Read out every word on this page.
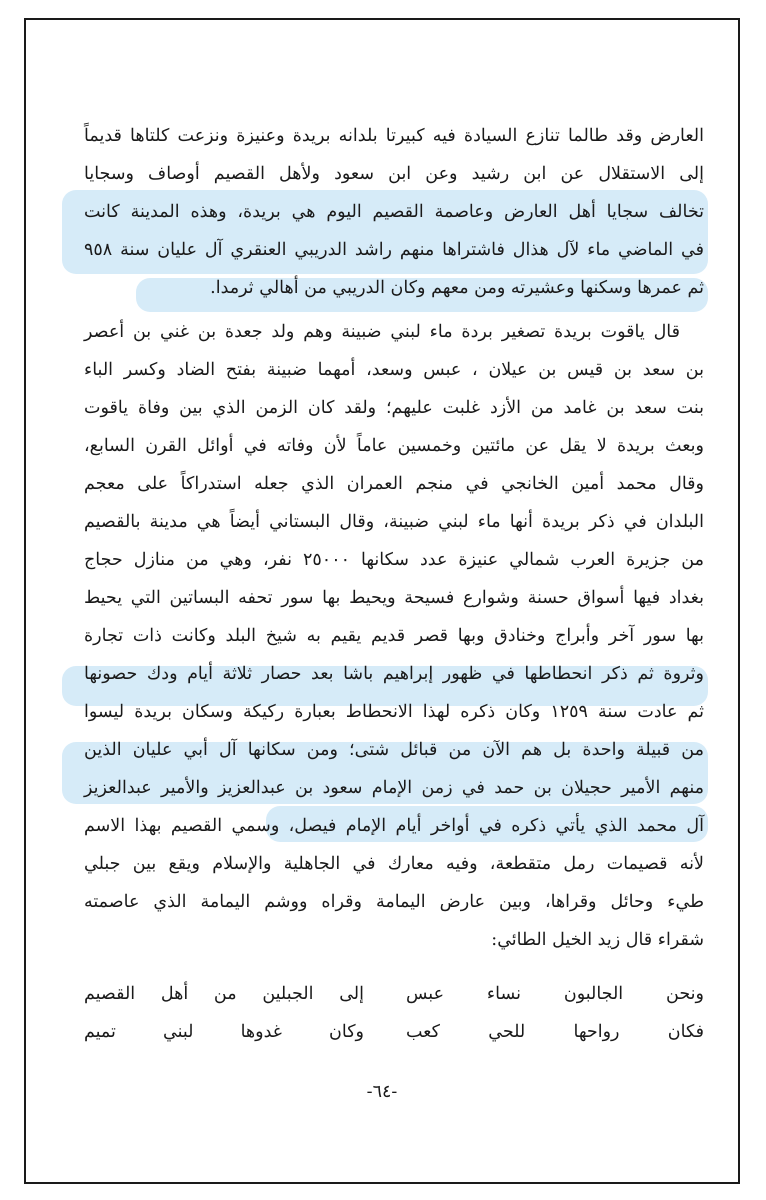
العارض وقد طالما تنازع السيادة فيه كبيرتا بلدانه بريدة وعنيزة ونزعت كلتاها قديماً
إلى الاستقلال عن ابن رشيد وعن ابن سعود ولأهل القصيم أوصاف وسجايا
تخالف سجايا أهل العارض وعاصمة القصيم اليوم هي بريدة، وهذه المدينة كانت
في الماضي ماء لآل هذال فاشتراها منهم راشد الدريبي العنقري آل عليان سنة ٩٥٨
ثم عمرها وسكنها وعشيرته ومن معهم وكان الدريبي من أهالي ثرمدا.
قال ياقوت بريدة تصغير بردة ماء لبني ضبينة وهم ولد جعدة بن غني بن أعصر
بن سعد بن قيس بن عيلان ، عبس وسعد، أمهما ضبينة بفتح الضاد وكسر الباء
بنت سعد بن غامد من الأزد غلبت عليهم؛ ولقد كان الزمن الذي بين وفاة ياقوت
وبعث بريدة لا يقل عن مائتين وخمسين عاماً لأن وفاته في أوائل القرن السابع،
وقال محمد أمين الخانجي في منجم العمران الذي جعله استدراكاً على معجم
البلدان في ذكر بريدة أنها ماء لبني ضبينة، وقال البستاني أيضاً هي مدينة بالقصيم
من جزيرة العرب شمالي عنيزة عدد سكانها ٢٥٠٠٠ نفر، وهي من منازل حجاج
بغداد فيها أسواق حسنة وشوارع فسيحة ويحيط بها سور تحفه البساتين التي يحيط
بها سور آخر وأبراج وخنادق وبها قصر قديم يقيم به شيخ البلد وكانت ذات تجارة
وثروة ثم ذكر انحطاطها في ظهور إبراهيم باشا بعد حصار ثلاثة أيام ودك حصونها
ثم عادت سنة ١٢٥٩ وكان ذكره لهذا الانحطاط بعبارة ركيكة وسكان بريدة ليسوا
من قبيلة واحدة بل هم الآن من قبائل شتى؛ ومن سكانها آل أبي عليان الذين
منهم الأمير حجيلان بن حمد في زمن الإمام سعود بن عبدالعزيز والأمير عبدالعزيز
آل محمد الذي يأتي ذكره في أواخر أيام الإمام فيصل، وسمي القصيم بهذا الاسم
لأنه قصيمات رمل متقطعة، وفيه معارك في الجاهلية والإسلام ويقع بين جبلي
طيء وحائل وقراها، وبين عارض اليمامة وقراه ووشم اليمامة الذي عاصمته
شقراء قال زيد الخيل الطائي:
ونحن الجالبون نساء عبس
إلى الجبلين من أهل القصيم
فكان رواحها للحي كعب
وكان غدوها لبني تميم
-٦٤-
